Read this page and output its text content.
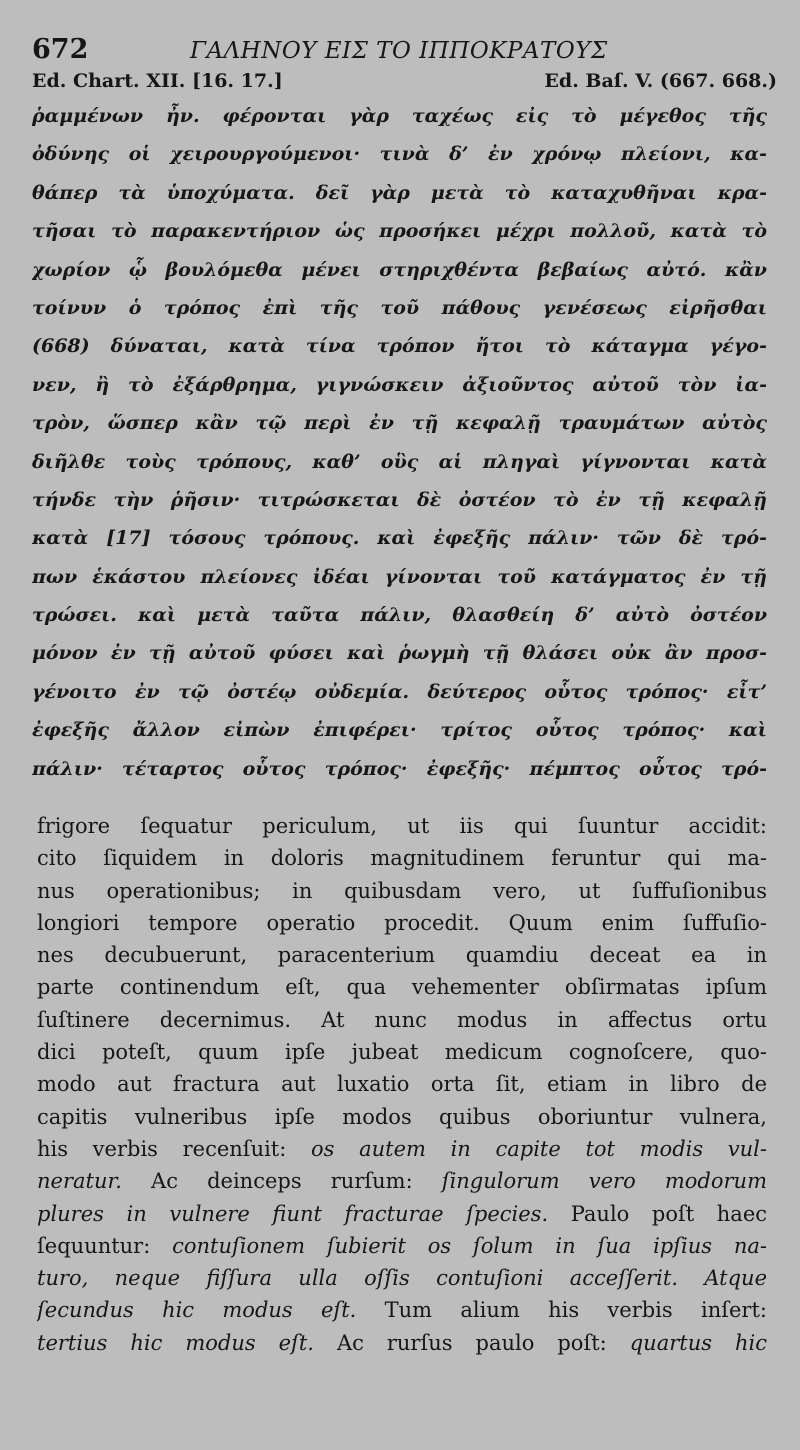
672	ΓΑΛΗΝΟΥ ΕΙΣ ΤΟ ΙΠΠΟΚΡΑΤΟΥΣ
Ed. Chart. XII. [16. 17.]	Ed. Baſ. V. (667. 668.)
ῥαμμένων ἦν. φέρονται γὰρ ταχέως εἰς τὸ μέγεθος τῆς
ὀδύνης οἱ χειρουργούμενοι· τινὰ δ’ ἐν χρόνῳ πλείονι, κα-
θάπερ τὰ ὑποχύματα. δεῖ γὰρ μετὰ τὸ καταχυθῆναι κρα-
τῆσαι τὸ παρακεντήριον ὡς προσήκει μέχρι πολλοῦ, κατὰ τὸ
χωρίον ᾧ βουλόμεθα μένει στηριχθέντα βεβαίως αὐτό. κἂν
τοίνυν ὁ τρόπος ἐπὶ τῆς τοῦ πάθους γενέσεως εἰρῆσθαι
(668) δύναται, κατὰ τίνα τρόπον ἤτοι τὸ κάταγμα γέγο-
νεν, ἢ τὸ ἐξάρθρημα, γιγνώσκειν ἀξιοῦντος αὐτοῦ τὸν ἰα-
τρὸν, ὥσπερ κἂν τῷ περὶ ἐν τῇ κεφαλῇ τραυμάτων αὐτὸς
διῆλθε τοὺς τρόπους, καθ’ οὓς αἱ πληγαὶ γίγνονται κατὰ
τήνδε τὴν ῥῆσιν· τιτρώσκεται δὲ ὀστέον τὸ ἐν τῇ κεφαλῇ
κατὰ [17] τόσους τρόπους. καὶ ἐφεξῆς πάλιν· τῶν δὲ τρό-
πων ἑκάστου πλείονες ἰδέαι γίνονται τοῦ κατάγματος ἐν τῇ
τρώσει. καὶ μετὰ ταῦτα πάλιν, θλασθείη δ’ αὐτὸ ὀστέον
μόνον ἐν τῇ αὐτοῦ φύσει καὶ ῥωγμὴ τῇ θλάσει οὐκ ἂν προσ-
γένοιτο ἐν τῷ ὀστέῳ οὐδεμία. δεύτερος οὗτος τρόπος· εἶτ’
ἐφεξῆς ἄλλον εἰπὼν ἐπιφέρει· τρίτος οὗτος τρόπος· καὶ
πάλιν· τέταρτος οὗτος τρόπος· ἐφεξῆς· πέμπτος οὗτος τρό-
frigore ſequatur periculum, ut iis qui ſuuntur accidit:
cito ſiquidem in doloris magnitudinem feruntur qui ma-
nus operationibus; in quibusdam vero, ut ſuffuſionibus
longiori tempore operatio procedit. Quum enim ſuffuſio-
nes decubuerunt, paracenterium quamdiu deceat ea in
parte continendum eſt, qua vehementer obſirmatas ipſum
ſuſtinere decernimus. At nunc modus in affectus ortu
dici poteſt, quum ipſe jubeat medicum cognoſcere, quo-
modo aut fractura aut luxatio orta ſit, etiam in libro de
capitis vulneribus ipſe modos quibus oboriuntur vulnera,
his verbis recenſuit: os autem in capite tot modis vul-
neratur. Ac deinceps rurſum: ſingulorum vero modorum
plures in vulnere fiunt fracturae ſpecies. Paulo poſt haec
ſequuntur: contuſionem ſubierit os ſolum in ſua ipſius na-
turo, neque fiſſura ulla oſſis contuſioni acceſſerit. Atque
ſecundus hic modus eſt. Tum alium his verbis inſert:
tertius hic modus eſt. Ac rurſus paulo poſt: quartus hic
